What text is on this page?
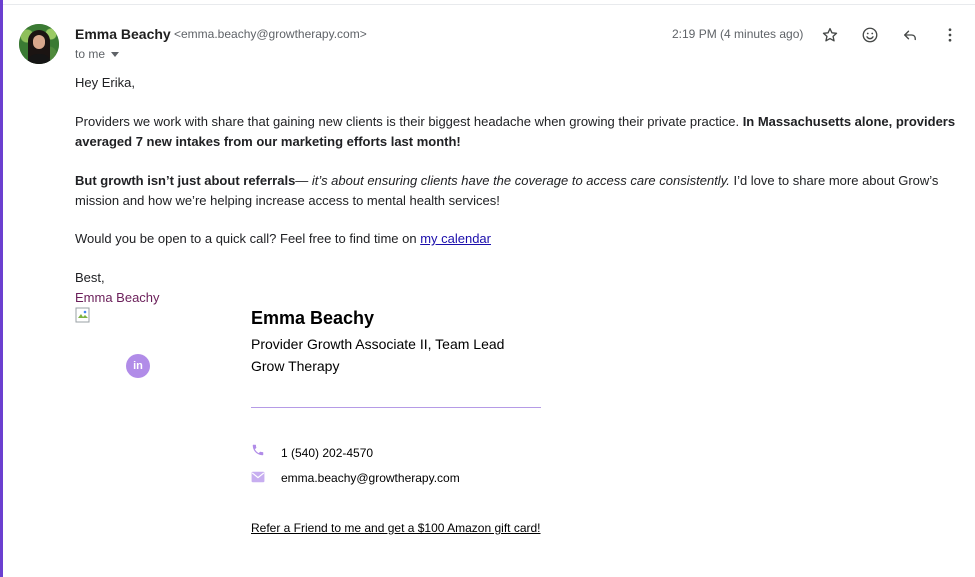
Emma Beachy <emma.beachy@growtherapy.com>
to me
2:19 PM (4 minutes ago)

Hey Erika,

Providers we work with share that gaining new clients is their biggest headache when growing their private practice. In Massachusetts alone, providers averaged 7 new intakes from our marketing efforts last month!

But growth isn’t just about referrals— it’s about ensuring clients have the coverage to access care consistently. I’d love to share more about Grow’s mission and how we’re helping increase access to mental health services!

Would you be open to a quick call? Feel free to find time on my calendar

Best,

Emma Beachy

in
Emma Beachy
Provider Growth Associate II, Team Lead
Grow Therapy
1 (540) 202-4570
emma.beachy@growtherapy.com
Refer a Friend to me and get a $100 Amazon gift card!
